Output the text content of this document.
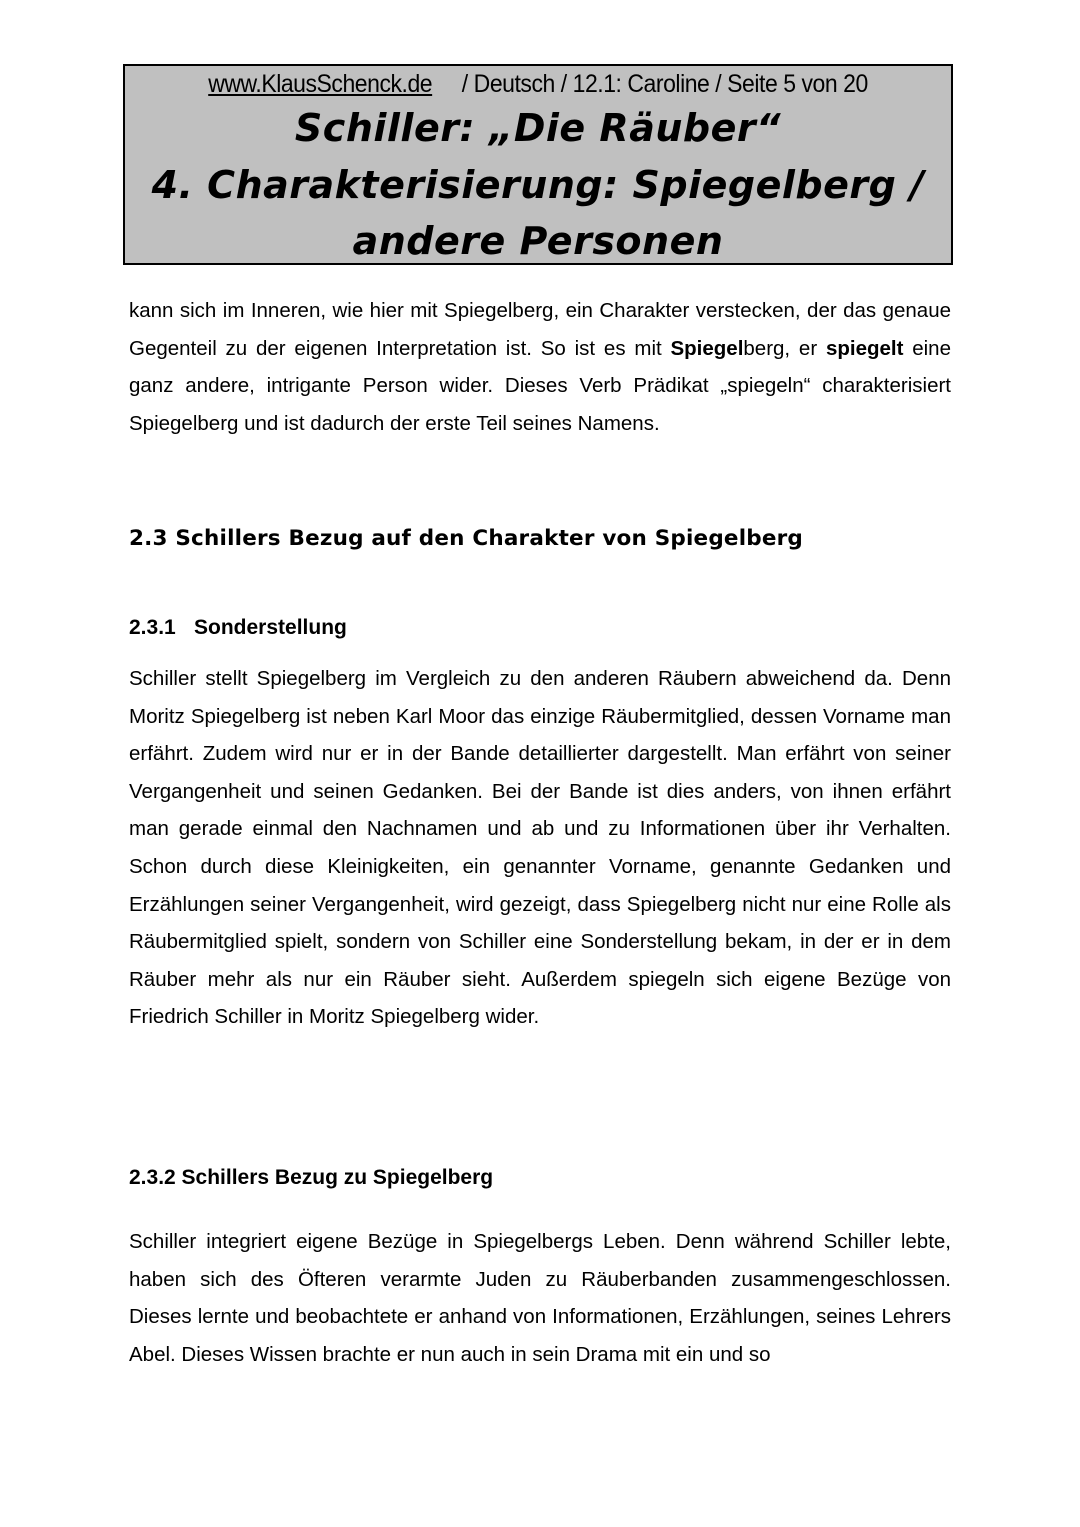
www.KlausSchenck.de / Deutsch / 12.1: Caroline / Seite 5 von 20
Schiller: „Die Räuber“
4. Charakterisierung: Spiegelberg /
andere Personen

kann sich im Inneren, wie hier mit Spiegelberg, ein Charakter verstecken, der das genaue Gegenteil zu der eigenen Interpretation ist. So ist es mit Spiegelberg, er spiegelt eine ganz andere, intrigante Person wider. Dieses Verb Prädikat „spiegeln“ charakterisiert Spiegelberg und ist dadurch der erste Teil seines Namens.

2.3 Schillers Bezug auf den Charakter von Spiegelberg
2.3.1 Sonderstellung

Schiller stellt Spiegelberg im Vergleich zu den anderen Räubern abweichend da. Denn Moritz Spiegelberg ist neben Karl Moor das einzige Räubermitglied, dessen Vorname man erfährt. Zudem wird nur er in der Bande detaillierter dargestellt. Man erfährt von seiner Vergangenheit und seinen Gedanken. Bei der Bande ist dies anders, von ihnen erfährt man gerade einmal den Nachnamen und ab und zu Informationen über ihr Verhalten. Schon durch diese Kleinigkeiten, ein genannter Vorname, genannte Gedanken und Erzählungen seiner Vergangenheit, wird gezeigt, dass Spiegelberg nicht nur eine Rolle als Räubermitglied spielt, sondern von Schiller eine Sonderstellung bekam, in der er in dem Räuber mehr als nur ein Räuber sieht. Außerdem spiegeln sich eigene Bezüge von Friedrich Schiller in Moritz Spiegelberg wider.

2.3.2 Schillers Bezug zu Spiegelberg

Schiller integriert eigene Bezüge in Spiegelbergs Leben. Denn während Schiller lebte, haben sich des Öfteren verarmte Juden zu Räuberbanden zusammengeschlossen. Dieses lernte und beobachtete er anhand von Informationen, Erzählungen, seines Lehrers Abel. Dieses Wissen brachte er nun auch in sein Drama mit ein und so
